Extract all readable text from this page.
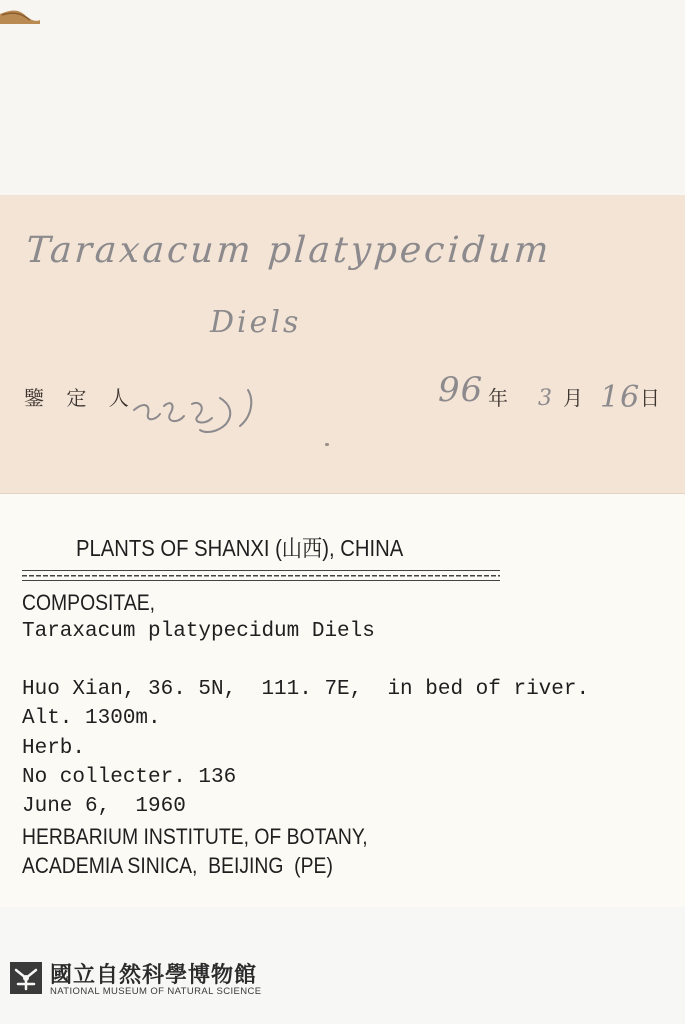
Taraxacum platypecidum
Diels
鑒 定 人	96 年 3 月 16 日
PLANTS OF SHANXI (山西), CHINA
COMPOSITAE,
Taraxacum platypecidum Diels
Huo Xian, 36. 5N,  111. 7E,  in bed of river.
Alt. 1300m.
Herb.
No collecter. 136
June 6,  1960
HERBARIUM INSTITUTE, OF BOTANY,
ACADEMIA SINICA,  BEIJING  (PE)
國立自然科學博物館
NATIONAL MUSEUM OF NATURAL SCIENCE
